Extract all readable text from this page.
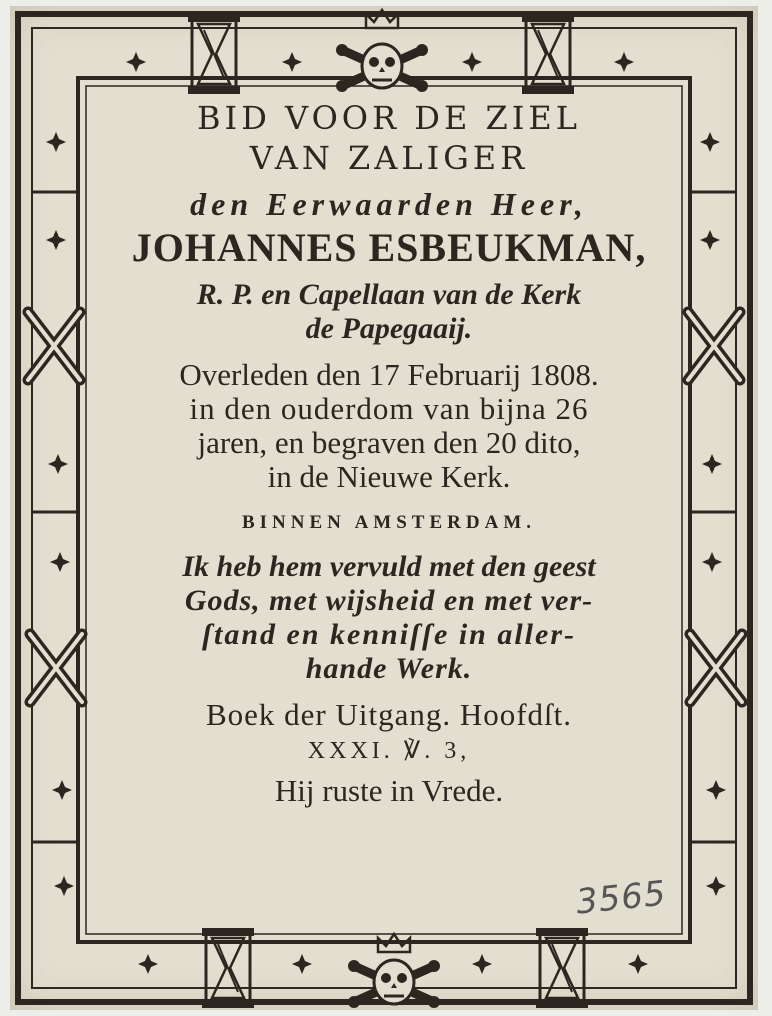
BID VOOR DE ZIEL
VAN ZALIGER
den Eerwaarden Heer,
JOHANNES ESBEUKMAN,
R. P. en Capellaan van de Kerk
de Papegaaij.
Overleden den 17 Februarij 1808.
in den ouderdom van bijna 26
jaren, en begraven den 20 dito,
in de Nieuwe Kerk.
BINNEN AMSTERDAM.
Ik heb hem vervuld met den geest
Gods, met wijsheid en met ver-
ſtand en kenniſſe in aller-
hande Werk.
Boek der Uitgang. Hoofdſt.
XXXI. ℣. 3,
Hij ruste in Vrede.
3565
